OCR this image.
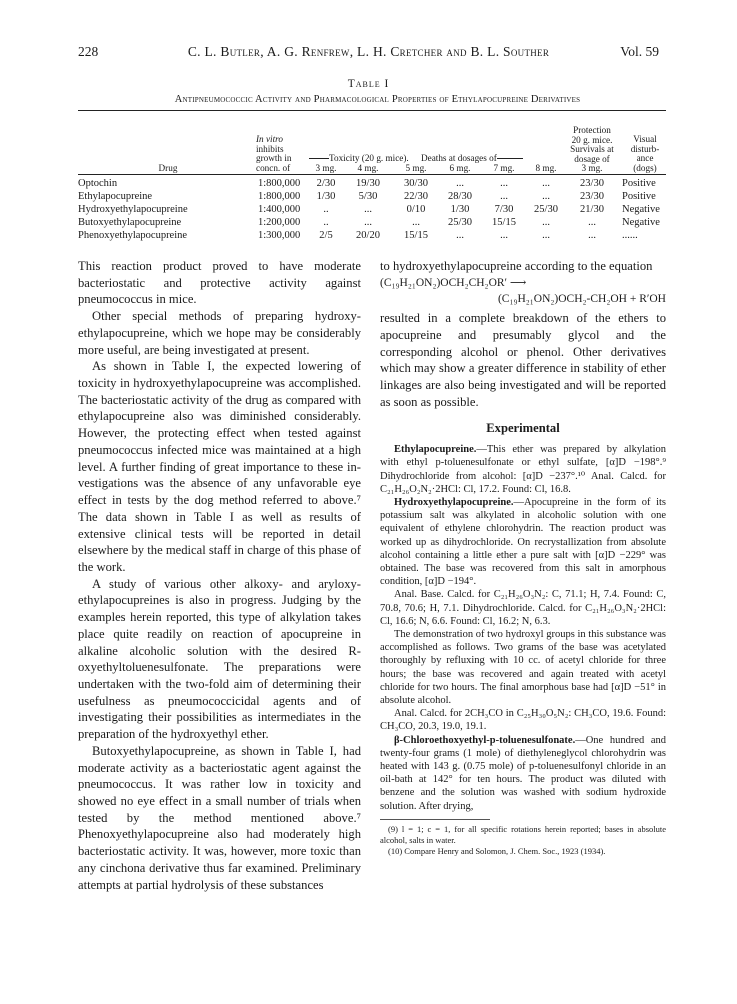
228	C. L. Butler, A. G. Renfrew, L. H. Cretcher and B. L. Souther	Vol. 59
Table I
Antipneumococcic Activity and Pharmacological Properties of Ethylapocupreine Derivatives
In vitro
inhibits
growth in
concn. of
Toxicity (20 g. mice).	Deaths at dosages of
3 mg.	4 mg.	5 mg.	6 mg.	7 mg.	8 mg.
Protection
20 g. mice.
Survivals at
dosage of
3 mg.
Visual
disturb-
ance
(dogs)
Drug
Optochin	1:800,000	2/30	19/30	30/30	...	...	...	23/30	Positive
Ethylapocupreine	1:800,000	1/30	5/30	22/30	28/30	...	...	23/30	Positive
Hydroxyethylapocupreine	1:400,000	..	...	0/10	1/30	7/30	25/30	21/30	Negative
Butoxyethylapocupreine	1:200,000	..	...	...	25/30	15/15	...	...	Negative
Phenoxyethylapocupreine	1:300,000	2/5	20/20	15/15	...	...	...	...	......

This reaction product proved to have moderate bacteriostatic and protective activity against pneumococcus in mice.

Other special methods of preparing hydroxyethylapocupreine, which we hope may be considerably more useful, are being investigated at present.

As shown in Table I, the expected lowering of toxicity in hydroxyethylapocupreine was accomplished. The bacteriostatic activity of the drug as compared with ethylapocupreine also was diminished considerably. However, the protecting effect when tested against pneumococcus infected mice was maintained at a high level. A further finding of great importance to these investigations was the absence of any unfavorable eye effect in tests by the dog method referred to above.⁷ The data shown in Table I as well as results of extensive clinical tests will be reported in detail elsewhere by the medical staff in charge of this phase of the work.

A study of various other alkoxy- and aryloxyethylapocupreines is also in progress. Judging by the examples herein reported, this type of alkylation takes place quite readily on reaction of apocupreine in alkaline alcoholic solution with the desired R-oxyethyltoluenesulfonate. The preparations were undertaken with the two-fold aim of determining their usefulness as pneumococcicidal agents and of investigating their possibilities as intermediates in the preparation of the hydroxyethyl ether.

Butoxyethylapocupreine, as shown in Table I, had moderate activity as a bacteriostatic agent against the pneumococcus. It was rather low in toxicity and showed no eye effect in a small number of trials when tested by the method mentioned above.⁷ Phenoxyethylapocupreine also had moderately high bacteriostatic activity. It was, however, more toxic than any cinchona derivative thus far examined. Preliminary attempts at partial hydrolysis of these substances

to hydroxyethylapocupreine according to the equation

(C₁₉H₂₁ON₂)OCH₂CH₂OR′ ⟶

(C₁₉H₂₁ON₂)OCH₂-CH₂OH + R′OH

resulted in a complete breakdown of the ethers to apocupreine and presumably glycol and the corresponding alcohol or phenol. Other derivatives which may show a greater difference in stability of ether linkages are also being investigated and will be reported as soon as possible.

Experimental

Ethylapocupreine.—This ether was prepared by alkylation with ethyl p-toluenesulfonate or ethyl sulfate, [α]D −198°.⁹ Dihydrochloride from alcohol: [α]D −237°.¹⁰ Anal. Calcd. for C₂₁H₂₆O₂N₂·2HCl: Cl, 17.2. Found: Cl, 16.8.

Hydroxyethylapocupreine.—Apocupreine in the form of its potassium salt was alkylated in alcoholic solution with one equivalent of ethylene chlorohydrin. The reaction product was worked up as dihydrochloride. On recrystallization from absolute alcohol containing a little ether a pure salt with [α]D −229° was obtained. The base was recovered from this salt in amorphous condition, [α]D −194°.

Anal. Base. Calcd. for C₂₁H₂₆O₃N₂: C, 71.1; H, 7.4. Found: C, 70.8, 70.6; H, 7.1. Dihydrochloride. Calcd. for C₂₁H₂₆O₃N₂·2HCl: Cl, 16.6; N, 6.6. Found: Cl, 16.2; N, 6.3.

The demonstration of two hydroxyl groups in this substance was accomplished as follows. Two grams of the base was acetylated thoroughly by refluxing with 10 cc. of acetyl chloride for three hours; the base was recovered and again treated with acetyl chloride for two hours. The final amorphous base had [α]D −51° in absolute alcohol.

Anal. Calcd. for 2CH₃CO in C₂₅H₃₀O₅N₂: CH₃CO, 19.6. Found: CH₃CO, 20.3, 19.0, 19.1.

β-Chloroethoxyethyl-p-toluenesulfonate.—One hundred and twenty-four grams (1 mole) of diethyleneglycol chlorohydrin was heated with 143 g. (0.75 mole) of p-toluenesulfonyl chloride in an oil-bath at 142° for ten hours. The product was diluted with benzene and the solution was washed with sodium hydroxide solution. After drying,

(9) l = 1; c = 1, for all specific rotations herein reported; bases in absolute alcohol, salts in water.

(10) Compare Henry and Solomon, J. Chem. Soc., 1923 (1934).
